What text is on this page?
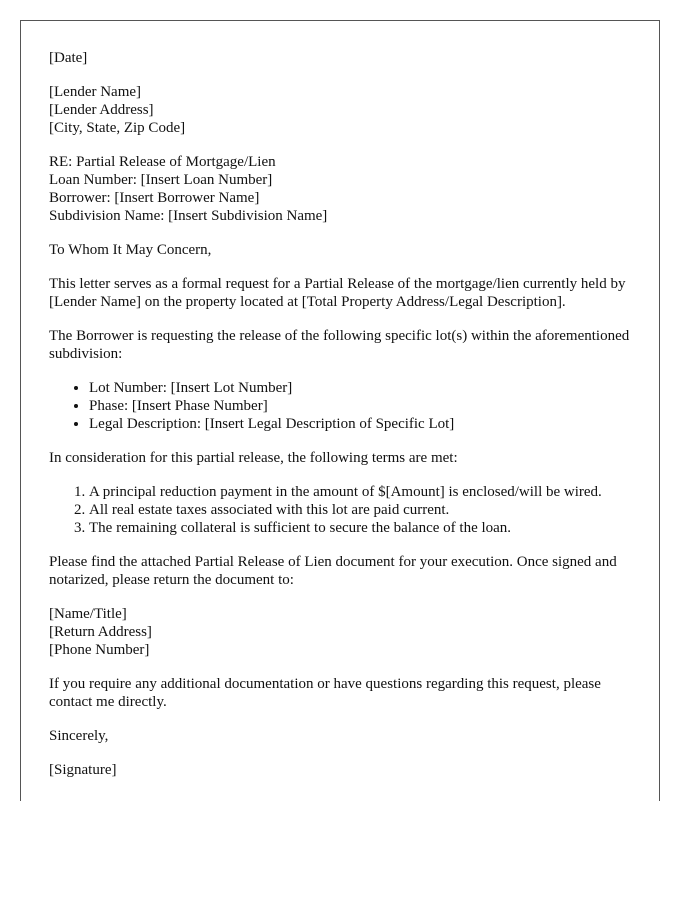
[Date]

[Lender Name]
[Lender Address]
[City, State, Zip Code]
RE: Partial Release of Mortgage/Lien
Loan Number: [Insert Loan Number]
Borrower: [Insert Borrower Name]
Subdivision Name: [Insert Subdivision Name]

To Whom It May Concern,

This letter serves as a formal request for a Partial Release of the mortgage/lien currently held by [Lender Name] on the property located at [Total Property Address/Legal Description].

The Borrower is requesting the release of the following specific lot(s) within the aforementioned subdivision:

• Lot Number: [Insert Lot Number]
• Phase: [Insert Phase Number]
• Legal Description: [Insert Legal Description of Specific Lot]

In consideration for this partial release, the following terms are met:

1. A principal reduction payment in the amount of $[Amount] is enclosed/will be wired.
2. All real estate taxes associated with this lot are paid current.
3. The remaining collateral is sufficient to secure the balance of the loan.

Please find the attached Partial Release of Lien document for your execution. Once signed and notarized, please return the document to:

[Name/Title]
[Return Address]
[Phone Number]

If you require any additional documentation or have questions regarding this request, please contact me directly.

Sincerely,

[Signature]
